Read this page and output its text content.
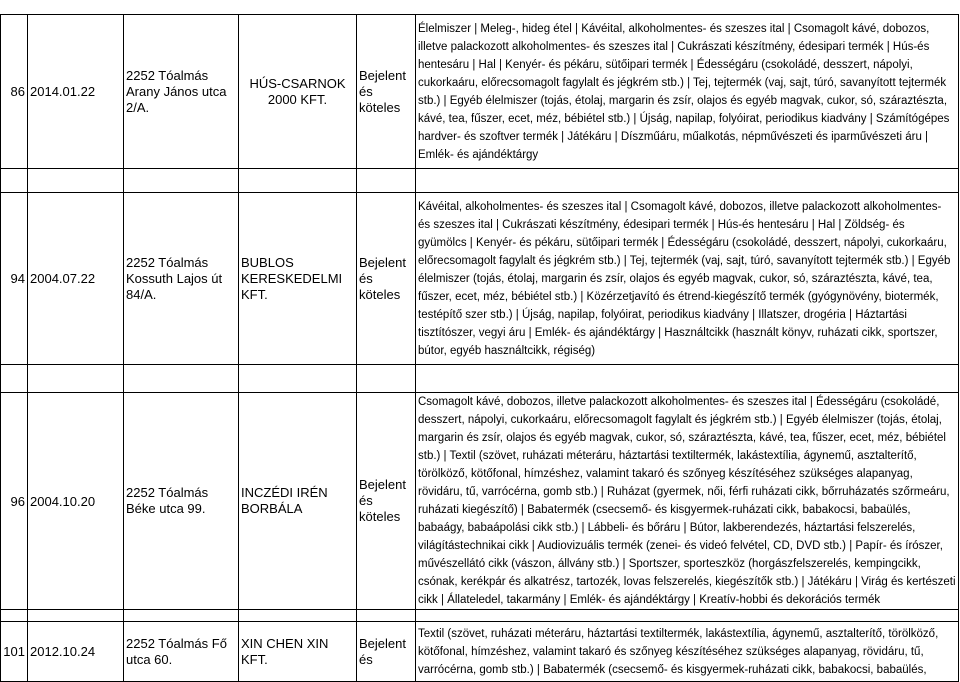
86	2014.01.22	2252 Tóalmás Arany János utca 2/A.	HÚS-CSARNOK 2000 KFT.	Bejelent és köteles	Élelmiszer | Meleg-, hideg étel | Kávéital, alkoholmentes- és szeszes ital | Csomagolt kávé, dobozos, illetve palackozott alkoholmentes- és szeszes ital | Cukrászati készítmény, édesipari termék | Hús-és hentesáru | Hal | Kenyér- és pékáru, sütőipari termék | Édességáru (csokoládé, desszert, nápolyi, cukorkaáru, előrecsomagolt fagylalt és jégkrém stb.) | Tej, tejtermék (vaj, sajt, túró, savanyított tejtermék stb.) | Egyéb élelmiszer (tojás, étolaj, margarin és zsír, olajos és egyéb magvak, cukor, só, száraztészta, kávé, tea, fűszer, ecet, méz, bébiétel stb.) | Újság, napilap, folyóirat, periodikus kiadvány | Számítógépes hardver- és szoftver termék | Játékáru | Díszműáru, műalkotás, népművészeti és iparművészeti áru | Emlék- és ajándéktárgy

94	2004.07.22	2252 Tóalmás Kossuth Lajos út 84/A.	BUBLOS KERESKEDELMI KFT.	Bejelent és köteles	Kávéital, alkoholmentes- és szeszes ital | Csomagolt kávé, dobozos, illetve palackozott alkoholmentes- és szeszes ital | Cukrászati készítmény, édesipari termék | Hús-és hentesáru | Hal | Zöldség- és gyümölcs | Kenyér- és pékáru, sütőipari termék | Édességáru (csokoládé, desszert, nápolyi, cukorkaáru, előrecsomagolt fagylalt és jégkrém stb.) | Tej, tejtermék (vaj, sajt, túró, savanyított tejtermék stb.) | Egyéb élelmiszer (tojás, étolaj, margarin és zsír, olajos és egyéb magvak, cukor, só, száraztészta, kávé, tea, fűszer, ecet, méz, bébiétel stb.) | Közérzetjavító és étrend-kiegészítő termék (gyógynövény, biotermék, testépítő szer stb.) | Újság, napilap, folyóirat, periodikus kiadvány | Illatszer, drogéria | Háztartási tisztítószer, vegyi áru | Emlék- és ajándéktárgy | Használtcikk (használt könyv, ruházati cikk, sportszer, bútor, egyéb használtcikk, régiség)

96	2004.10.20	2252 Tóalmás Béke utca 99.	INCZÉDI IRÉN BORBÁLA	Bejelent és köteles	Csomagolt kávé, dobozos, illetve palackozott alkoholmentes- és szeszes ital | Édességáru (csokoládé, desszert, nápolyi, cukorkaáru, előrecsomagolt fagylalt és jégkrém stb.) | Egyéb élelmiszer (tojás, étolaj, margarin és zsír, olajos és egyéb magvak, cukor, só, száraztészta, kávé, tea, fűszer, ecet, méz, bébiétel stb.) | Textil (szövet, ruházati méteráru, háztartási textiltermék, lakástextília, ágynemű, asztalterítő, törölköző, kötőfonal, hímzéshez, valamint takaró és szőnyeg készítéséhez szükséges alapanyag, rövidáru, tű, varrócérna, gomb stb.) | Ruházat (gyermek, női, férfi ruházati cikk, bőrruházatés szőrmeáru, ruházati kiegészítő) | Babatermék (csecsemő- és kisgyermek-ruházati cikk, babakocsi, babaülés, babaágy, babaápolási cikk stb.) | Lábbeli- és bőráru | Bútor, lakberendezés, háztartási felszerelés, világítástechnikai cikk | Audiovizuális termék (zenei- és videó felvétel, CD, DVD stb.) | Papír- és írószer, művészellátó cikk (vászon, állvány stb.) | Sportszer, sporteszköz (horgászfelszerelés, kempingcikk, csónak, kerékpár és alkatrész, tartozék, lovas felszerelés, kiegészítők stb.) | Játékáru | Virág és kertészeti cikk | Állateledel, takarmány | Emlék- és ajándéktárgy | Kreatív-hobbi és dekorációs termék

101	2012.10.24	2252 Tóalmás Fő utca 60.	XIN CHEN XIN KFT.	Bejelent és	Textil (szövet, ruházati méteráru, háztartási textiltermék, lakástextília, ágynemű, asztalterítő, törölköző, kötőfonal, hímzéshez, valamint takaró és szőnyeg készítéséhez szükséges alapanyag, rövidáru, tű, varrócérna, gomb stb.) | Babatermék (csecsemő- és kisgyermek-ruházati cikk, babakocsi, babaülés,
